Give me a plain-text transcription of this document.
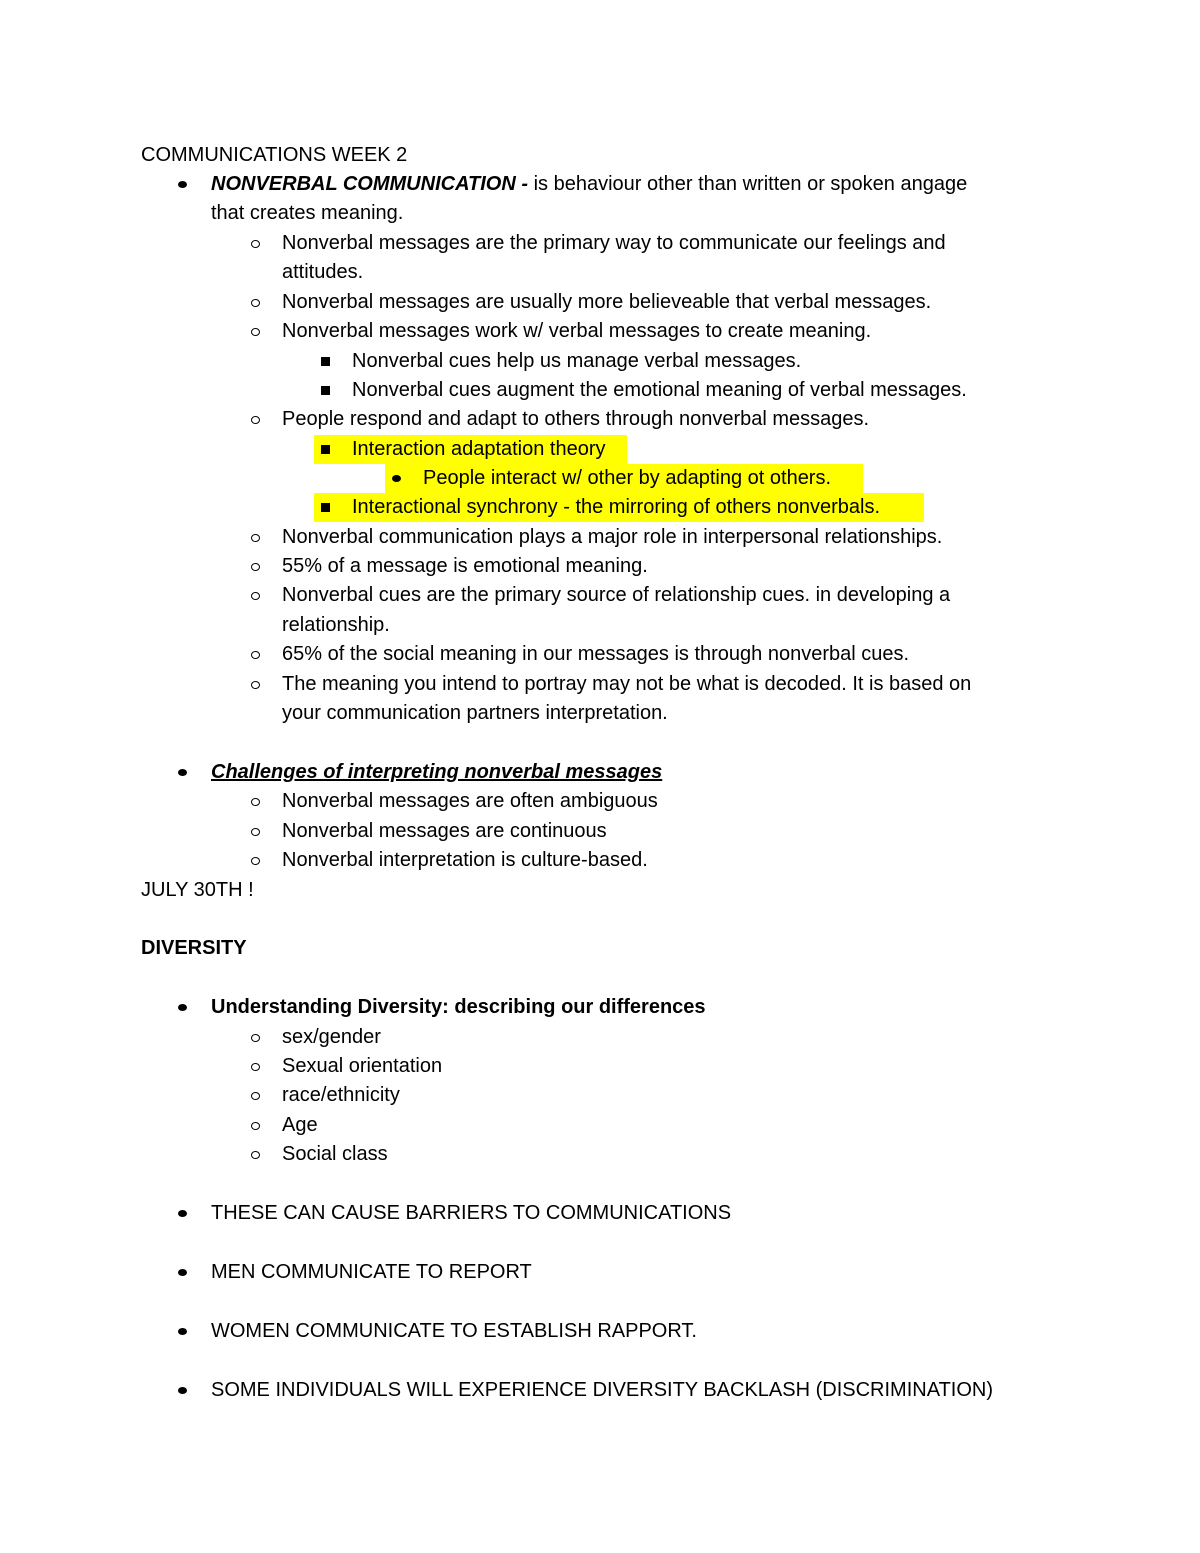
COMMUNICATIONS WEEK 2
NONVERBAL COMMUNICATION - is behaviour other than written or spoken angage
that creates meaning.
Nonverbal messages are the primary way to communicate our feelings and
attitudes.
Nonverbal messages are usually more believeable that verbal messages.
Nonverbal messages work w/ verbal messages to create meaning.
Nonverbal cues help us manage verbal messages.
Nonverbal cues augment the emotional meaning of verbal messages.
People respond and adapt to others through nonverbal messages.
Interaction adaptation theory
People interact w/ other by adapting ot others.
Interactional synchrony - the mirroring of others nonverbals.
Nonverbal communication plays a major role in interpersonal relationships.
55% of a message is emotional meaning.
Nonverbal cues are the primary source of relationship cues. in developing a
relationship.
65% of the social meaning in our messages is through nonverbal cues.
The meaning you intend to portray may not be what is decoded. It is based on
your communication partners interpretation.
Challenges of interpreting nonverbal messages
Nonverbal messages are often ambiguous
Nonverbal messages are continuous
Nonverbal interpretation is culture-based.
JULY 30TH !
DIVERSITY
Understanding Diversity: describing our differences
sex/gender
Sexual orientation
race/ethnicity
Age
Social class
THESE CAN CAUSE BARRIERS TO COMMUNICATIONS
MEN COMMUNICATE TO REPORT
WOMEN COMMUNICATE TO ESTABLISH RAPPORT.
SOME INDIVIDUALS WILL EXPERIENCE DIVERSITY BACKLASH (DISCRIMINATION)
